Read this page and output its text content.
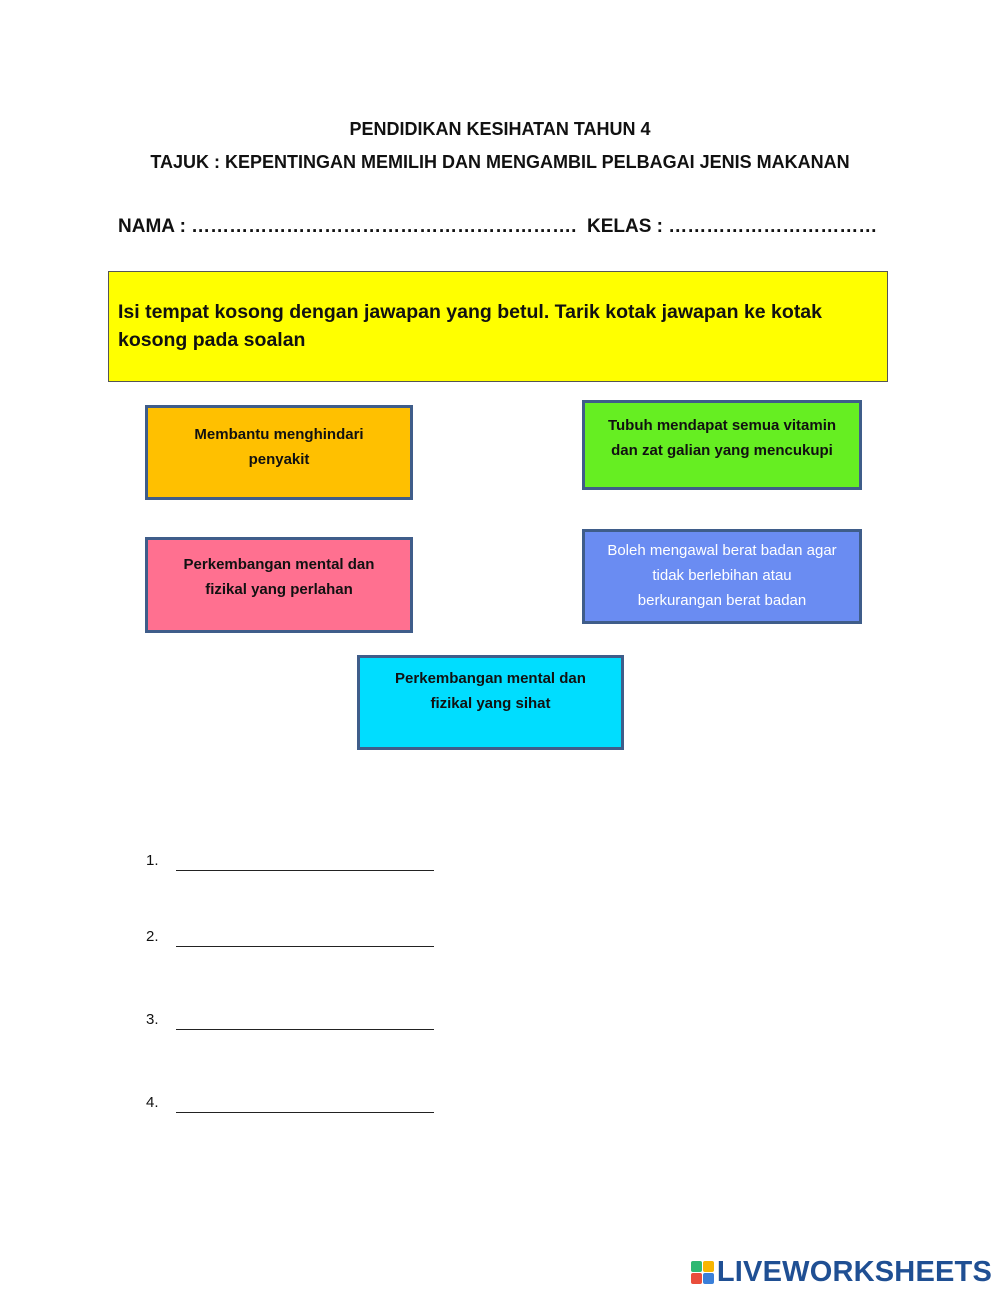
PENDIDIKAN KESIHATAN TAHUN 4
TAJUK : KEPENTINGAN MEMILIH DAN MENGAMBIL PELBAGAI JENIS MAKANAN
NAMA : ……………………………………………………. KELAS : ……………………………
Isi tempat kosong dengan jawapan yang betul. Tarik kotak jawapan ke kotak kosong pada soalan
Membantu menghindari
penyakit
Tubuh mendapat semua vitamin
dan zat galian yang mencukupi
Perkembangan mental dan
fizikal yang perlahan
Boleh mengawal berat badan agar
tidak berlebihan atau
berkurangan berat badan
Perkembangan mental dan
fizikal yang sihat
1.
2.
3.
4.
LIVEWORKSHEETS
